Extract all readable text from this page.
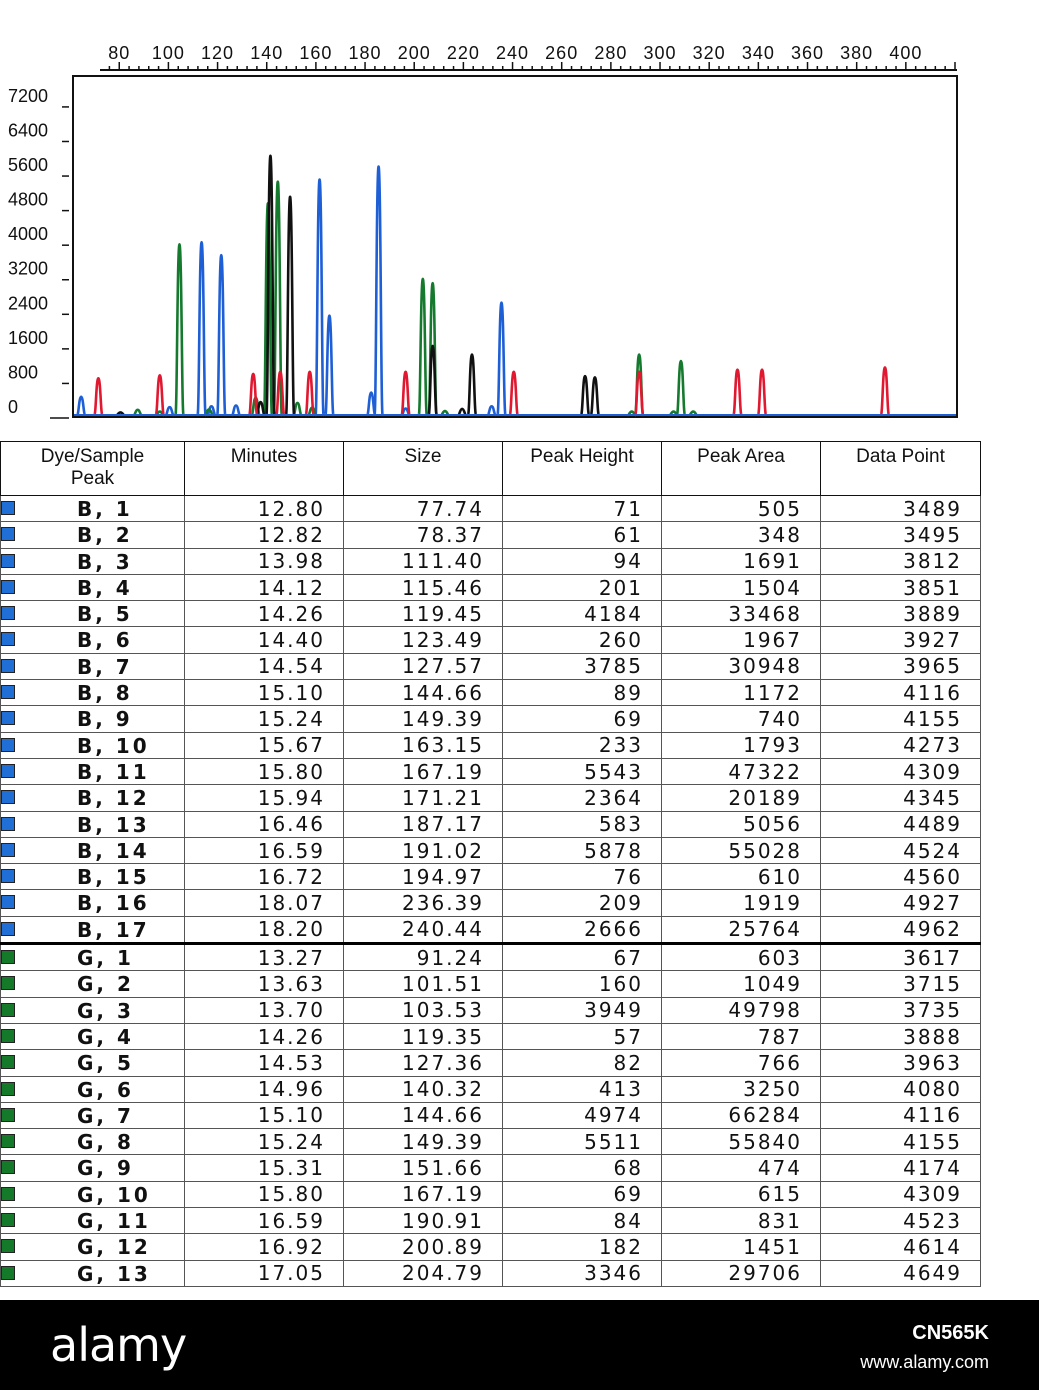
80 100 120 140 160 180 200 220 240 260 280 300 320 340 360 380 400
0
800
1600
2400
3200
4000
4800
5600
6400
7200
Dye/Sample
Peak	Minutes	Size	Peak Height	Peak Area	Data Point

B, 1	12.80	77.74	71	505	3489

B, 2	12.82	78.37	61	348	3495

B, 3	13.98	111.40	94	1691	3812

B, 4	14.12	115.46	201	1504	3851

B, 5	14.26	119.45	4184	33468	3889

B, 6	14.40	123.49	260	1967	3927

B, 7	14.54	127.57	3785	30948	3965

B, 8	15.10	144.66	89	1172	4116

B, 9	15.24	149.39	69	740	4155

B, 10	15.67	163.15	233	1793	4273

B, 11	15.80	167.19	5543	47322	4309

B, 12	15.94	171.21	2364	20189	4345

B, 13	16.46	187.17	583	5056	4489

B, 14	16.59	191.02	5878	55028	4524

B, 15	16.72	194.97	76	610	4560

B, 16	18.07	236.39	209	1919	4927

B, 17	18.20	240.44	2666	25764	4962

G, 1	13.27	91.24	67	603	3617

G, 2	13.63	101.51	160	1049	3715

G, 3	13.70	103.53	3949	49798	3735

G, 4	14.26	119.35	57	787	3888

G, 5	14.53	127.36	82	766	3963

G, 6	14.96	140.32	413	3250	4080

G, 7	15.10	144.66	4974	66284	4116

G, 8	15.24	149.39	5511	55840	4155

G, 9	15.31	151.66	68	474	4174

G, 10	15.80	167.19	69	615	4309

G, 11	16.59	190.91	84	831	4523

G, 12	16.92	200.89	182	1451	4614

G, 13	17.05	204.79	3346	29706	4649
alamy	CN565K
www.alamy.com
